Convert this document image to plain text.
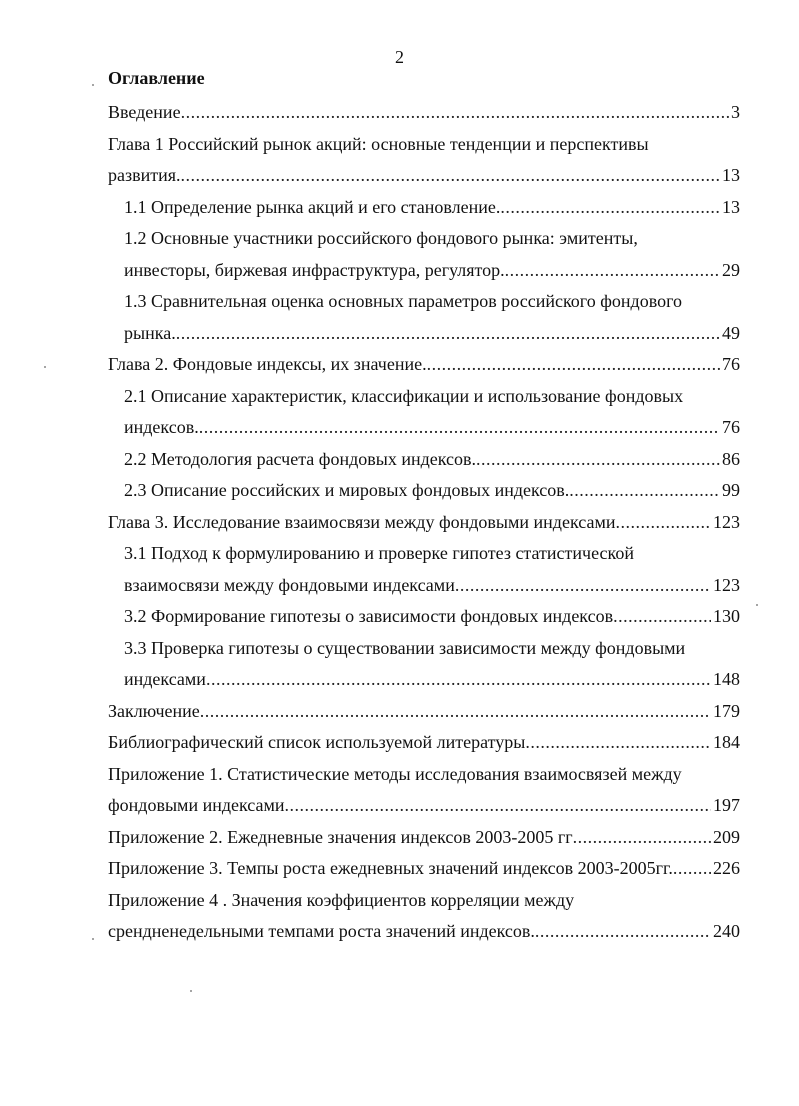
2
Оглавление
Введение .....	3
Глава 1 Российский рынок акций: основные тенденции и перспективы
развития. .....	13
1.1 Определение рынка акций и его становление. .....	13
1.2 Основные участники российского фондового рынка: эмитенты,
инвесторы, биржевая инфраструктура, регулятор. .....	29
1.3 Сравнительная оценка основных параметров российского фондового
рынка. .....	49
Глава 2. Фондовые индексы, их значение. .....	76
2.1 Описание характеристик, классификации и использование фондовых
индексов. .....	76
2.2 Методология расчета фондовых индексов. .....	86
2.3 Описание российских и мировых фондовых индексов. .....	99
Глава 3. Исследование взаимосвязи между фондовыми индексами .....	123
3.1 Подход к формулированию и проверке гипотез статистической
взаимосвязи между фондовыми индексами .....	123
3.2 Формирование гипотезы о зависимости фондовых индексов .....	130
3.3 Проверка гипотезы о существовании зависимости между фондовыми
индексами .....	148
Заключение .....	179
Библиографический список используемой литературы .....	184
Приложение 1. Статистические методы исследования взаимосвязей между
фондовыми индексами .....	197
Приложение 2. Ежедневные значения индексов 2003-2005 гг .....	209
Приложение 3. Темпы роста ежедневных значений индексов 2003-2005гг. ..... 226
Приложение 4 . Значения коэффициентов корреляции между
срендненедельными темпами роста значений индексов. .....	240
